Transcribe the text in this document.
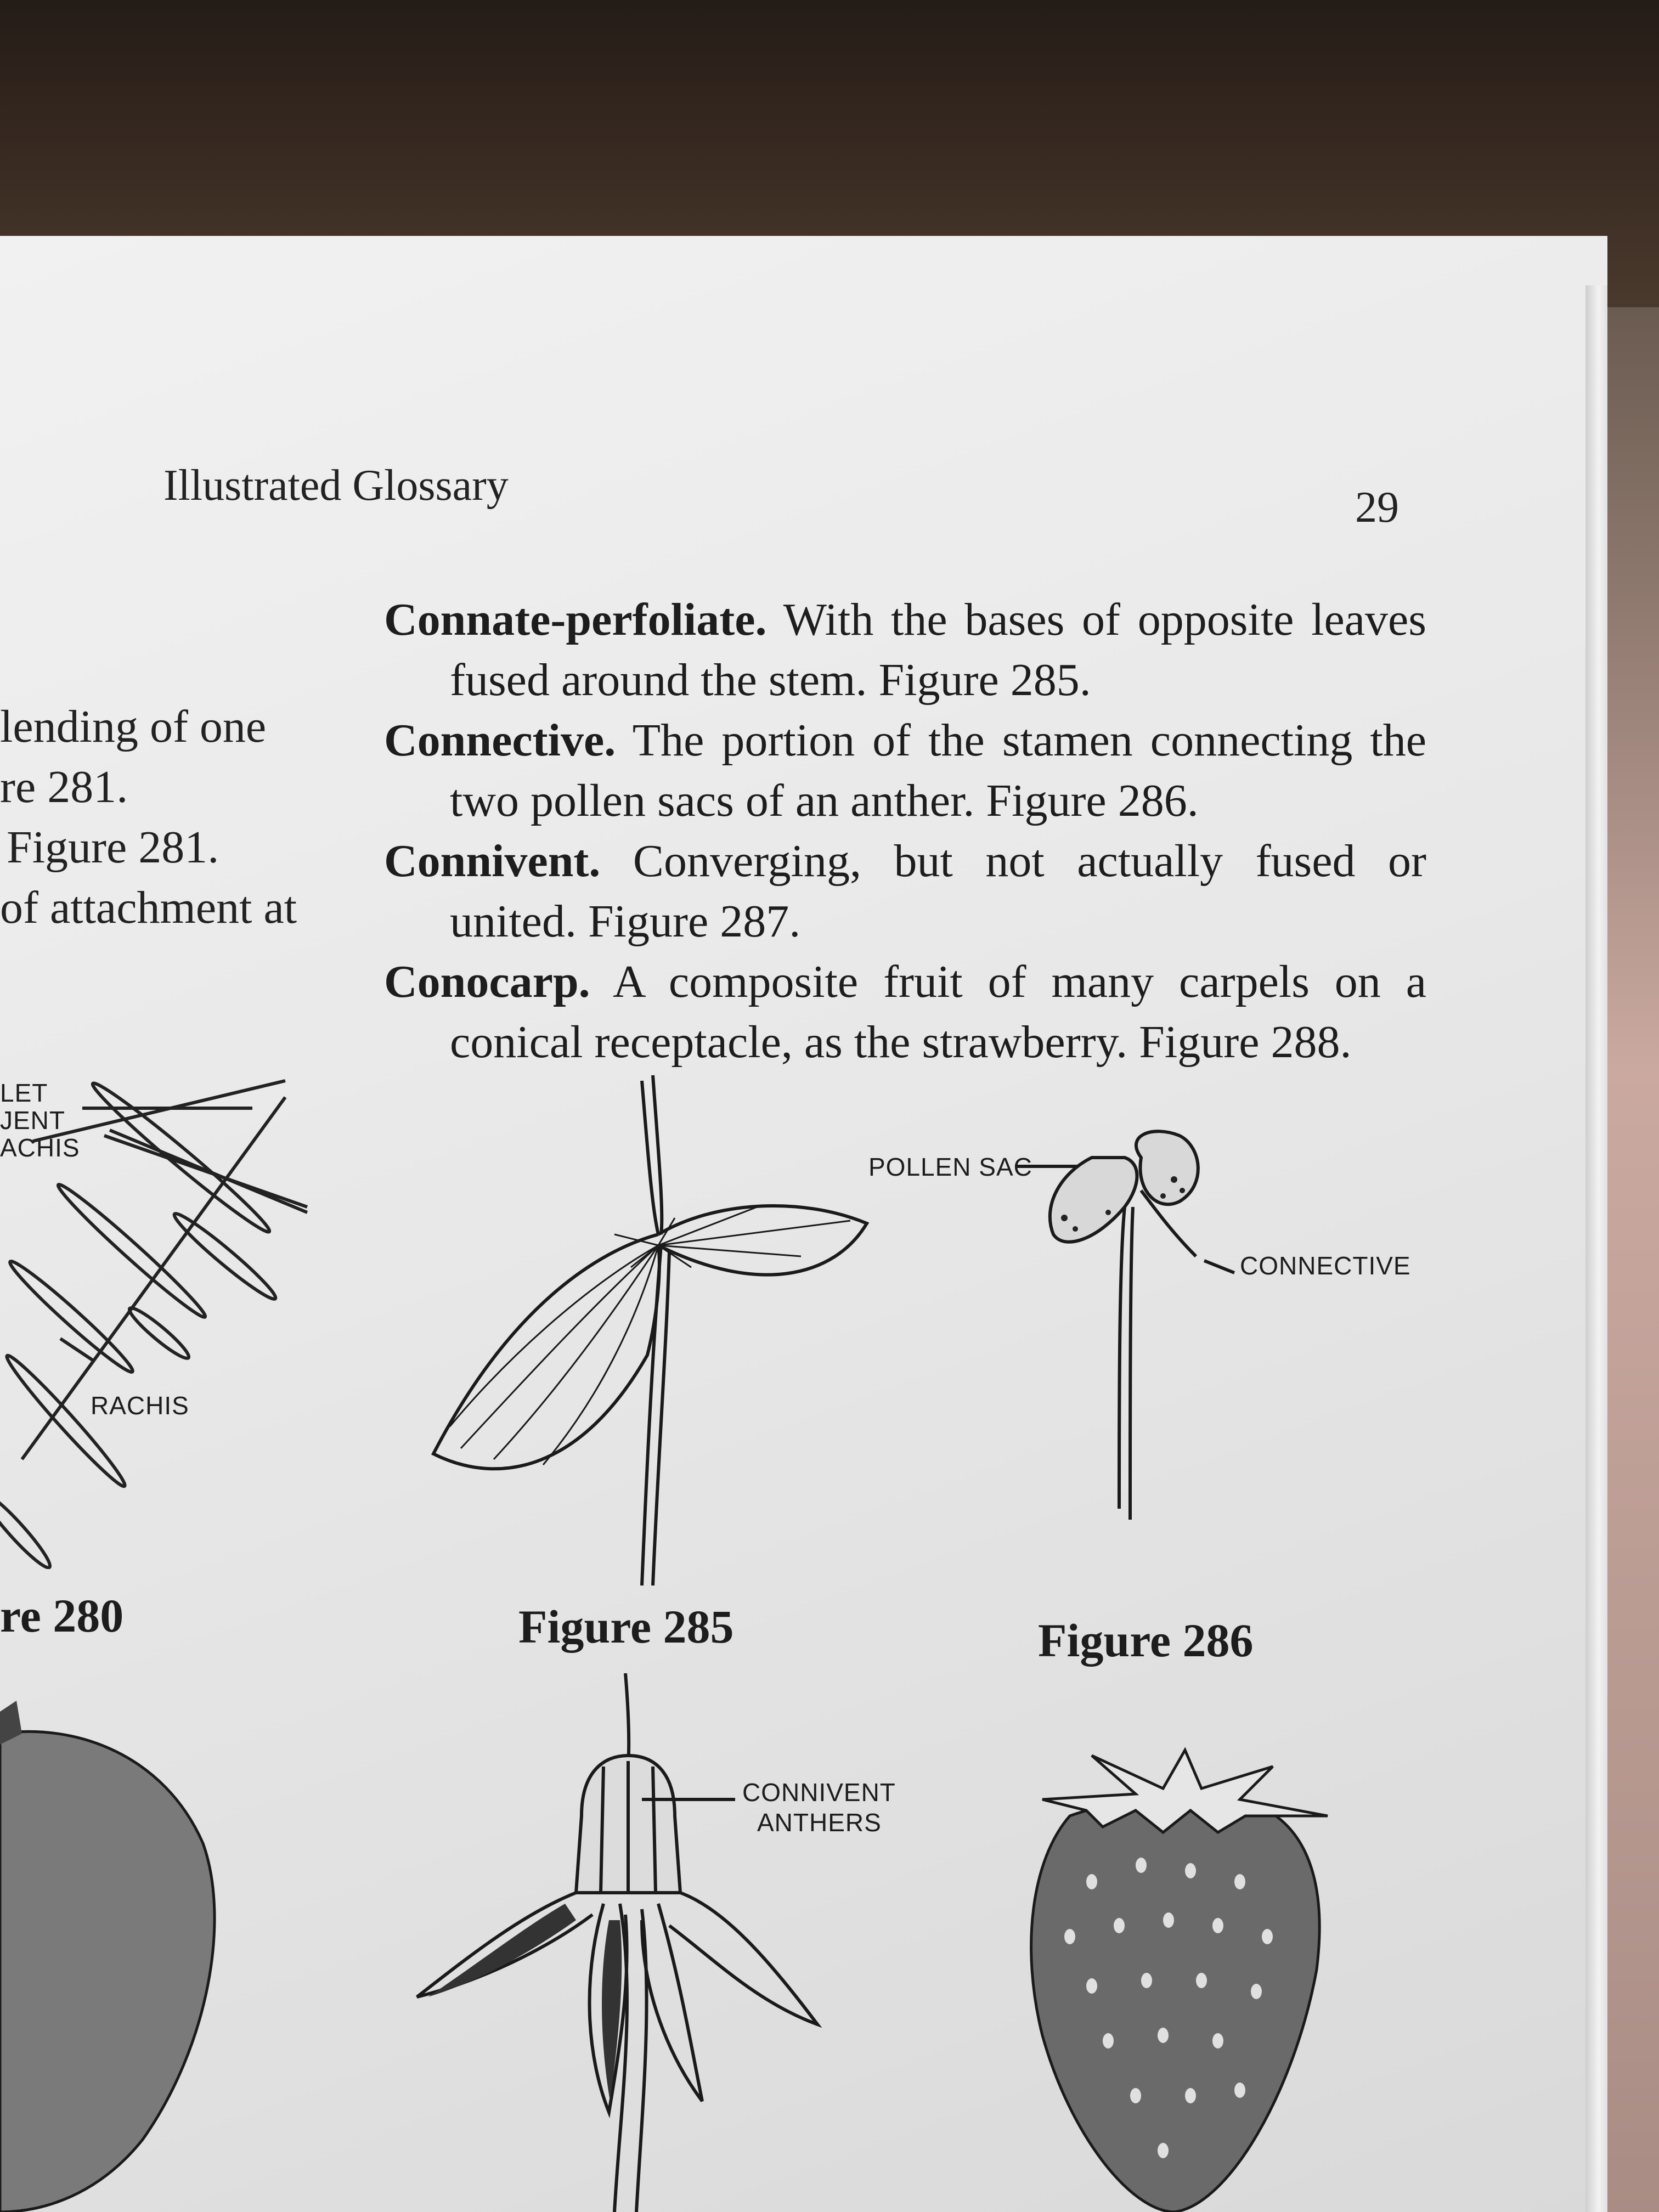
Illustrated Glossary	29
lending of one
re 281.
Figure 281.
of attachment at
LET
JENT
ACHIS
RACHIS
re 280
Connate-perfoliate. With the bases of opposite leaves fused around the stem. Figure 285.
Connective. The portion of the stamen connecting the two pollen sacs of an anther. Figure 286.
Connivent. Converging, but not actually fused or united. Figure 287.
Conocarp. A composite fruit of many carpels on a conical receptacle, as the strawberry. Figure 288.
Figure 285
POLLEN SAC
CONNECTIVE
Figure 286
CONNIVENT
ANTHERS
